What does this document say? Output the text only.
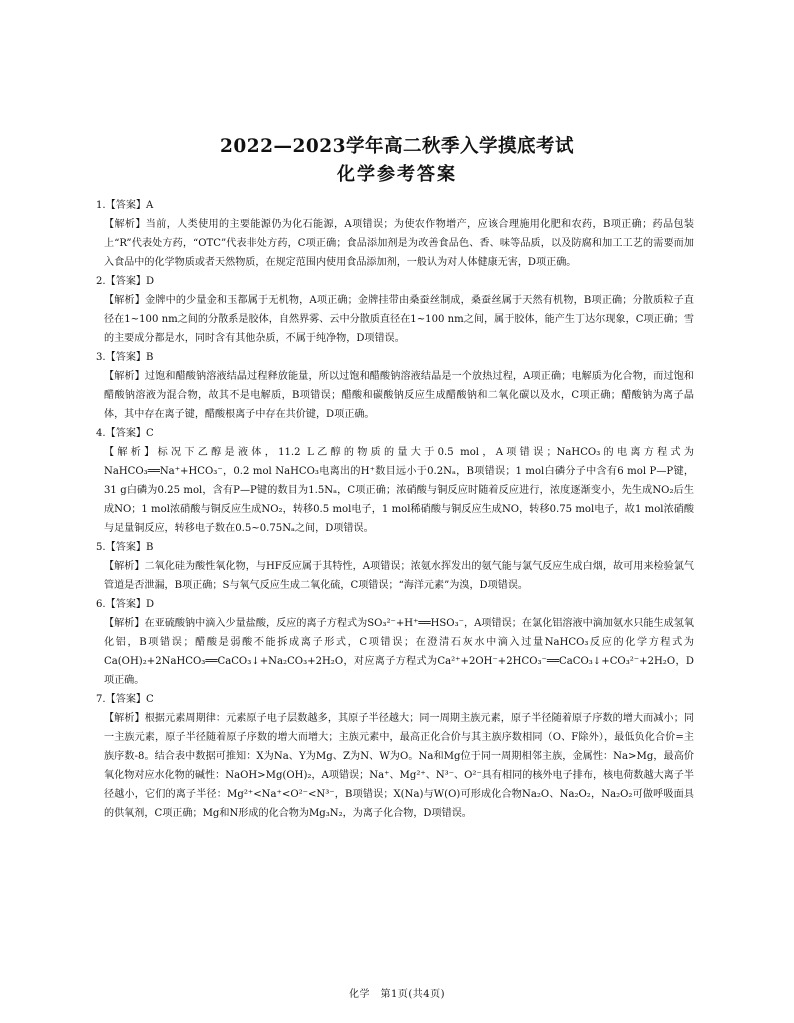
2022—2023学年高二秋季入学摸底考试
化学参考答案

1.【答案】A

【解析】当前，人类使用的主要能源仍为化石能源，A项错误；为使农作物增产，应该合理施用化肥和农药，B项正确；药品包装上“R”代表处方药，“OTC”代表非处方药，C项正确；食品添加剂是为改善食品色、香、味等品质，以及防腐和加工工艺的需要而加入食品中的化学物质或者天然物质，在规定范围内使用食品添加剂，一般认为对人体健康无害，D项正确。

2.【答案】D

【解析】金牌中的少量金和玉都属于无机物，A项正确；金牌挂带由桑蚕丝制成，桑蚕丝属于天然有机物，B项正确；分散质粒子直径在1~100 nm之间的分散系是胶体，自然界雾、云中分散质直径在1~100 nm之间，属于胶体，能产生丁达尔现象，C项正确；雪的主要成分都是水，同时含有其他杂质，不属于纯净物，D项错误。

3.【答案】B

【解析】过饱和醋酸钠溶液结晶过程释放能量，所以过饱和醋酸钠溶液结晶是一个放热过程，A项正确；电解质为化合物，而过饱和醋酸钠溶液为混合物，故其不是电解质，B项错误；醋酸和碳酸钠反应生成醋酸钠和二氧化碳以及水，C项正确；醋酸钠为离子晶体，其中存在离子键，醋酸根离子中存在共价键，D项正确。

4.【答案】C

【解析】标况下乙醇是液体，11.2 L乙醇的物质的量大于0.5 mol，A项错误；NaHCO₃的电离方程式为NaHCO₃══Na⁺+HCO₃⁻，0.2 mol NaHCO₃电离出的H⁺数目远小于0.2Nₐ，B项错误；1 mol白磷分子中含有6 mol P—P键，31 g白磷为0.25 mol，含有P—P键的数目为1.5Nₐ，C项正确；浓硝酸与铜反应时随着反应进行，浓度逐渐变小，先生成NO₂后生成NO；1 mol浓硝酸与铜反应生成NO₂，转移0.5 mol电子，1 mol稀硝酸与铜反应生成NO，转移0.75 mol电子，故1 mol浓硝酸与足量铜反应，转移电子数在0.5~0.75Nₐ之间，D项错误。

5.【答案】B

【解析】二氧化硅为酸性氧化物，与HF反应属于其特性，A项错误；浓氨水挥发出的氨气能与氯气反应生成白烟，故可用来检验氯气管道是否泄漏，B项正确；S与氧气反应生成二氧化硫，C项错误；“海洋元素”为溴，D项错误。

6.【答案】D

【解析】在亚硫酸钠中滴入少量盐酸，反应的离子方程式为SO₃²⁻+H⁺══HSO₃⁻，A项错误；在氯化铝溶液中滴加氨水只能生成氢氧化铝，B项错误；醋酸是弱酸不能拆成离子形式，C项错误；在澄清石灰水中滴入过量NaHCO₃反应的化学方程式为Ca(OH)₂+2NaHCO₃══CaCO₃↓+Na₂CO₃+2H₂O，对应离子方程式为Ca²⁺+2OH⁻+2HCO₃⁻══CaCO₃↓+CO₃²⁻+2H₂O，D项正确。

7.【答案】C

【解析】根据元素周期律：元素原子电子层数越多，其原子半径越大；同一周期主族元素，原子半径随着原子序数的增大而减小；同一主族元素，原子半径随着原子序数的增大而增大；主族元素中，最高正化合价与其主族序数相同（O、F除外），最低负化合价=主族序数-8。结合表中数据可推知：X为Na、Y为Mg、Z为N、W为O。Na和Mg位于同一周期相邻主族，金属性：Na>Mg，最高价氧化物对应水化物的碱性：NaOH>Mg(OH)₂，A项错误；Na⁺、Mg²⁺、N³⁻、O²⁻具有相同的核外电子排布，核电荷数越大离子半径越小，它们的离子半径：Mg²⁺<Na⁺<O²⁻<N³⁻，B项错误；X(Na)与W(O)可形成化合物Na₂O、Na₂O₂，Na₂O₂可做呼吸面具的供氧剂，C项正确；Mg和N形成的化合物为Mg₃N₂，为离子化合物，D项错误。

化学　第1页(共4页)
